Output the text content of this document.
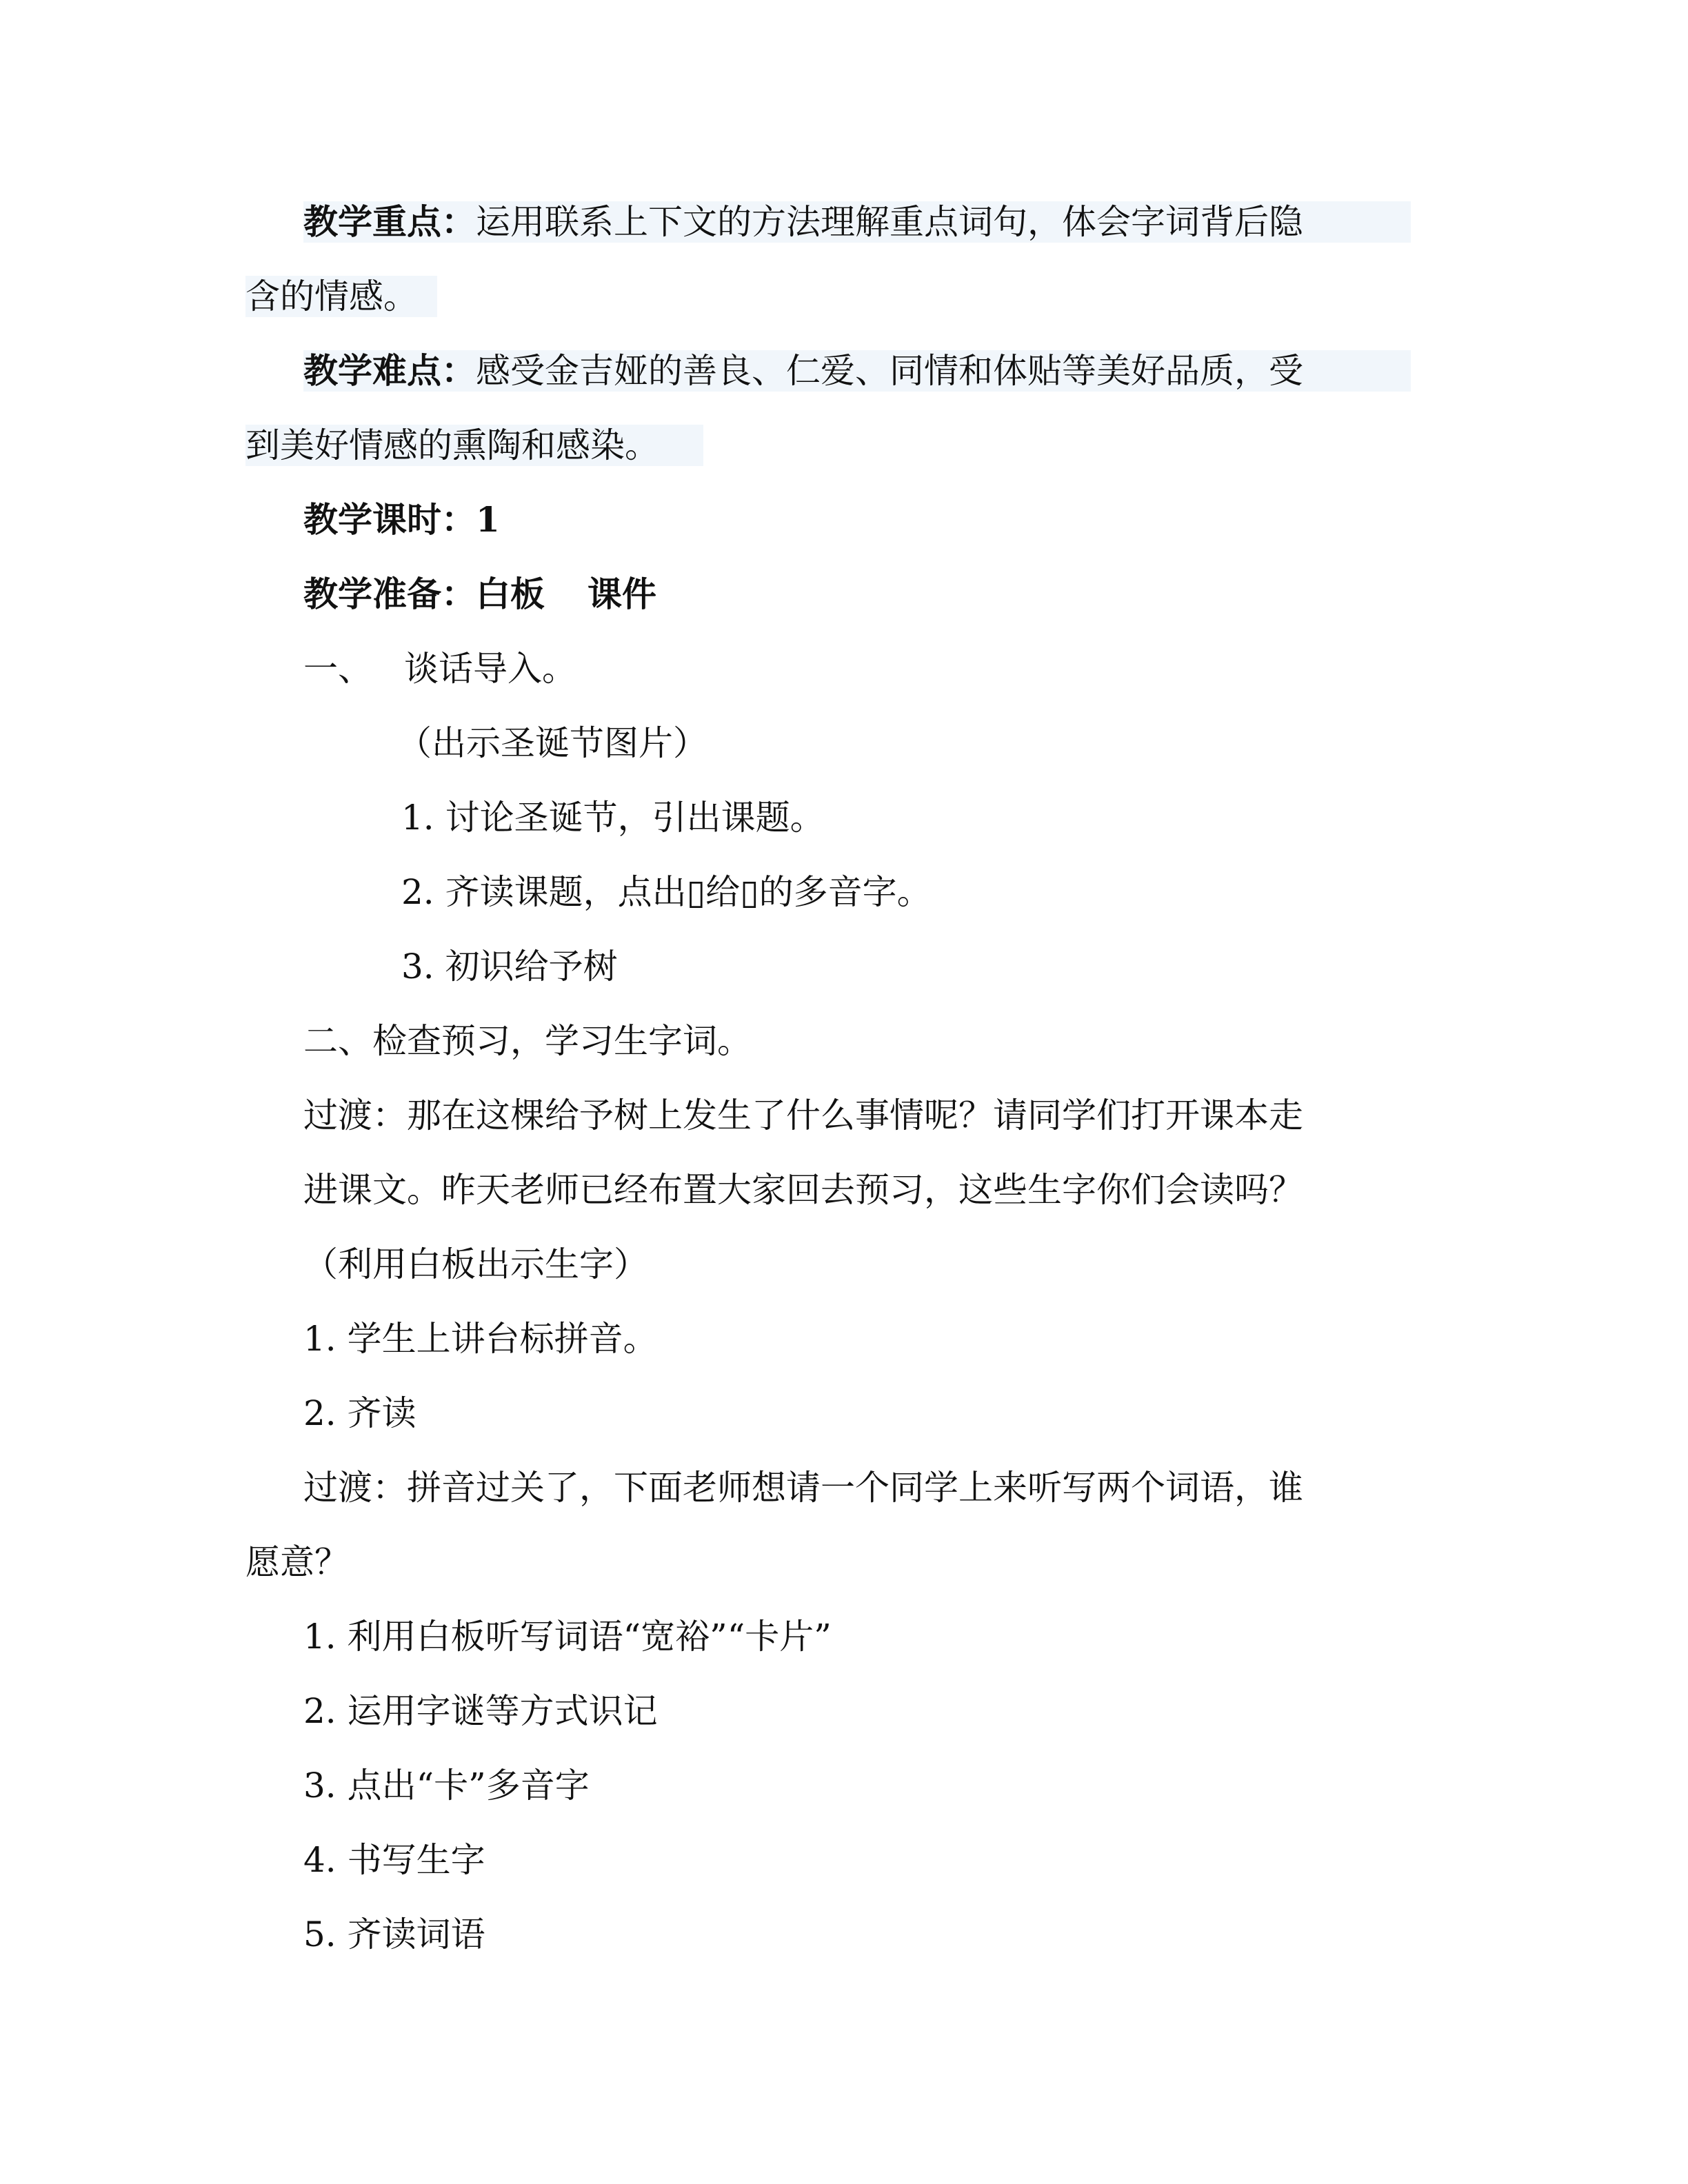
教学重点：运用联系上下文的方法理解重点词句，体会字词背后隐
含的情感。
教学难点：感受金吉娅的善良、仁爱、同情和体贴等美好品质，受
到美好情感的熏陶和感染。
教学课时：1
教学准备：白板 课件
一、 谈话导入。
（出示圣诞节图片）
1. 讨论圣诞节，引出课题。
2. 齐读课题，点出▯给▯的多音字。
3. 初识给予树
二、检查预习，学习生字词。
过渡：那在这棵给予树上发生了什么事情呢？请同学们打开课本走
进课文。昨天老师已经布置大家回去预习，这些生字你们会读吗？
（利用白板出示生字）
1. 学生上讲台标拼音。
2. 齐读
过渡：拼音过关了，下面老师想请一个同学上来听写两个词语，谁
愿意？
1. 利用白板听写词语“宽裕”“卡片”
2. 运用字谜等方式识记
3. 点出“卡”多音字
4. 书写生字
5. 齐读词语
